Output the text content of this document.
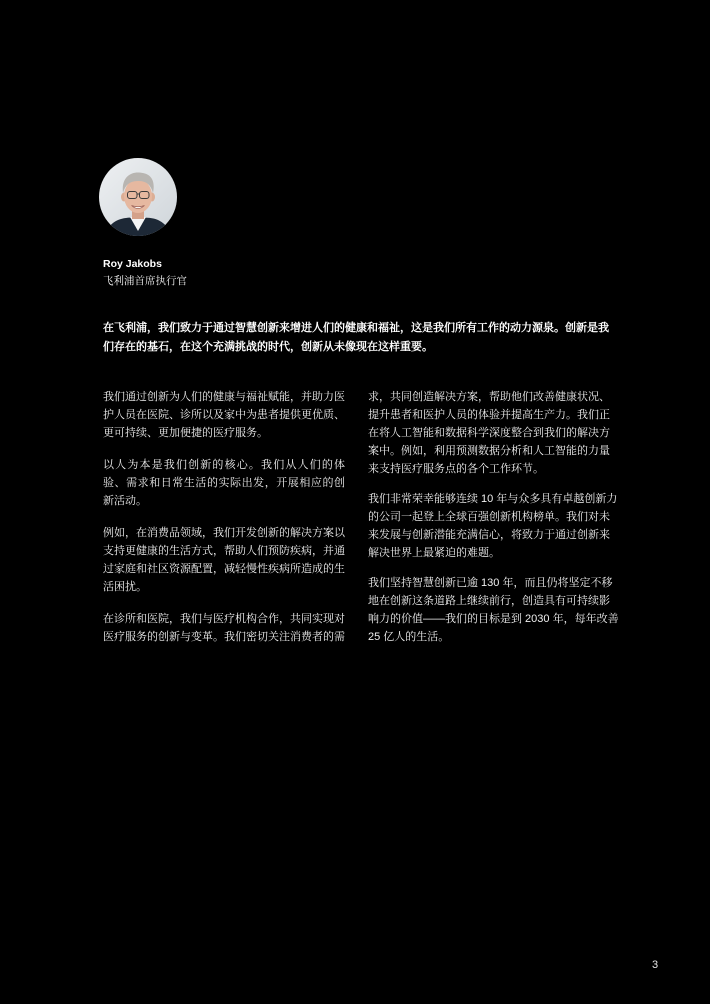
Roy Jakobs
飞利浦首席执行官
在飞利浦，我们致力于通过智慧创新来增进人们的健康和福祉，这是我们所有工作的动力源泉。创新是我
们存在的基石，在这个充满挑战的时代，创新从未像现在这样重要。

我们通过创新为人们的健康与福祉赋能，并助力医
护人员在医院、诊所以及家中为患者提供更优质、
更可持续、更加便捷的医疗服务。

以人为本是我们创新的核心。我们从人们的体
验、需求和日常生活的实际出发，开展相应的创
新活动。

例如，在消费品领域，我们开发创新的解决方案以
支持更健康的生活方式，帮助人们预防疾病，并通
过家庭和社区资源配置，减轻慢性疾病所造成的生
活困扰。

在诊所和医院，我们与医疗机构合作，共同实现对
医疗服务的创新与变革。我们密切关注消费者的需

求，共同创造解决方案，帮助他们改善健康状况、
提升患者和医护人员的体验并提高生产力。我们正
在将人工智能和数据科学深度整合到我们的解决方
案中。例如，利用预测数据分析和人工智能的力量
来支持医疗服务点的各个工作环节。

我们非常荣幸能够连续 10 年与众多具有卓越创新力
的公司一起登上全球百强创新机构榜单。我们对未
来发展与创新潜能充满信心，将致力于通过创新来
解决世界上最紧迫的难题。

我们坚持智慧创新已逾 130 年，而且仍将坚定不移
地在创新这条道路上继续前行，创造具有可持续影
响力的价值——我们的目标是到 2030 年，每年改善
25 亿人的生活。

3
